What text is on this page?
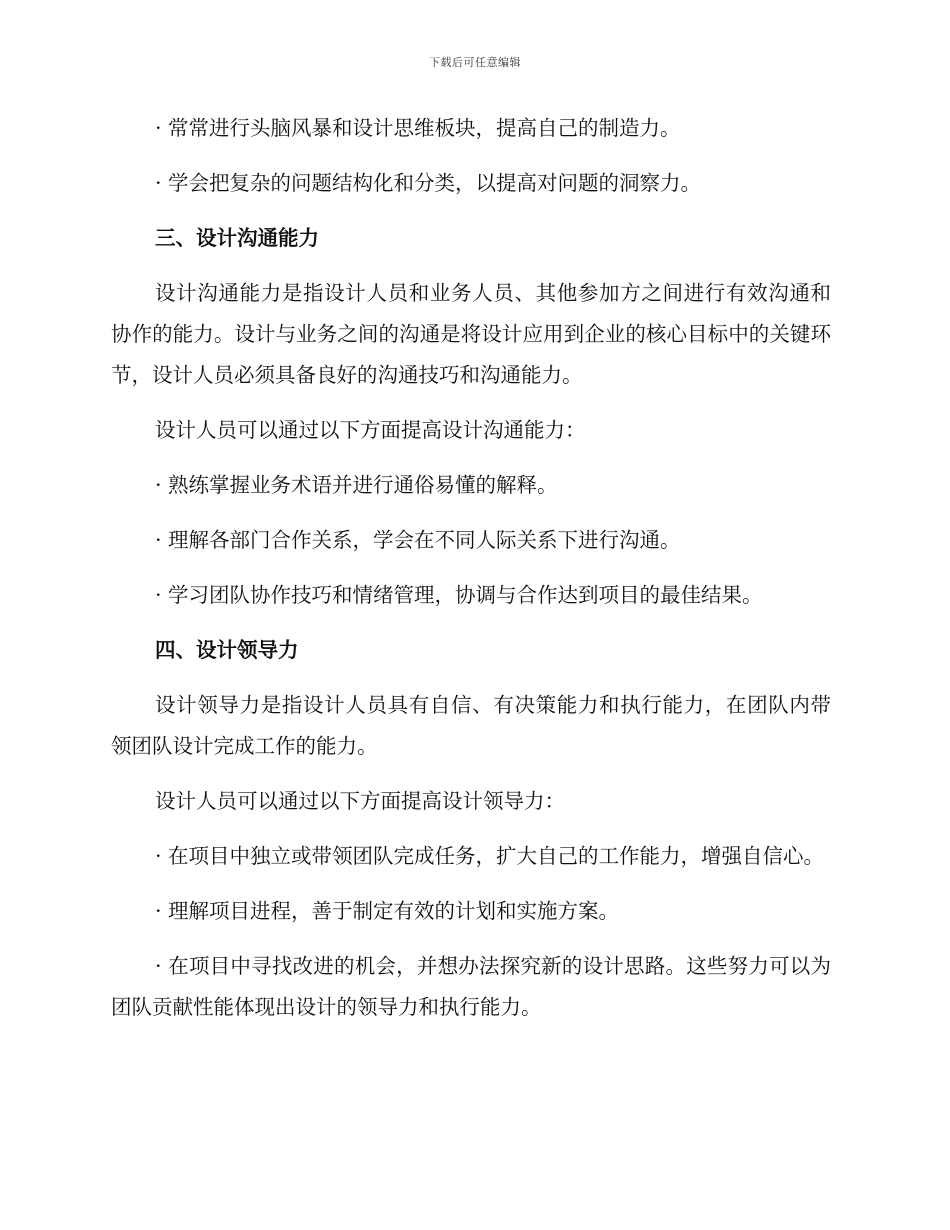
下载后可任意编辑

· 常常进行头脑风暴和设计思维板块，提高自己的制造力。

· 学会把复杂的问题结构化和分类，以提高对问题的洞察力。

三、设计沟通能力

设计沟通能力是指设计人员和业务人员、其他参加方之间进行有效沟通和协作的能力。设计与业务之间的沟通是将设计应用到企业的核心目标中的关键环节，设计人员必须具备良好的沟通技巧和沟通能力。

设计人员可以通过以下方面提高设计沟通能力：

· 熟练掌握业务术语并进行通俗易懂的解释。

· 理解各部门合作关系，学会在不同人际关系下进行沟通。

· 学习团队协作技巧和情绪管理，协调与合作达到项目的最佳结果。

四、设计领导力

设计领导力是指设计人员具有自信、有决策能力和执行能力，在团队内带领团队设计完成工作的能力。

设计人员可以通过以下方面提高设计领导力：

· 在项目中独立或带领团队完成任务，扩大自己的工作能力，增强自信心。

· 理解项目进程，善于制定有效的计划和实施方案。

· 在项目中寻找改进的机会，并想办法探究新的设计思路。这些努力可以为团队贡献性能体现出设计的领导力和执行能力。
